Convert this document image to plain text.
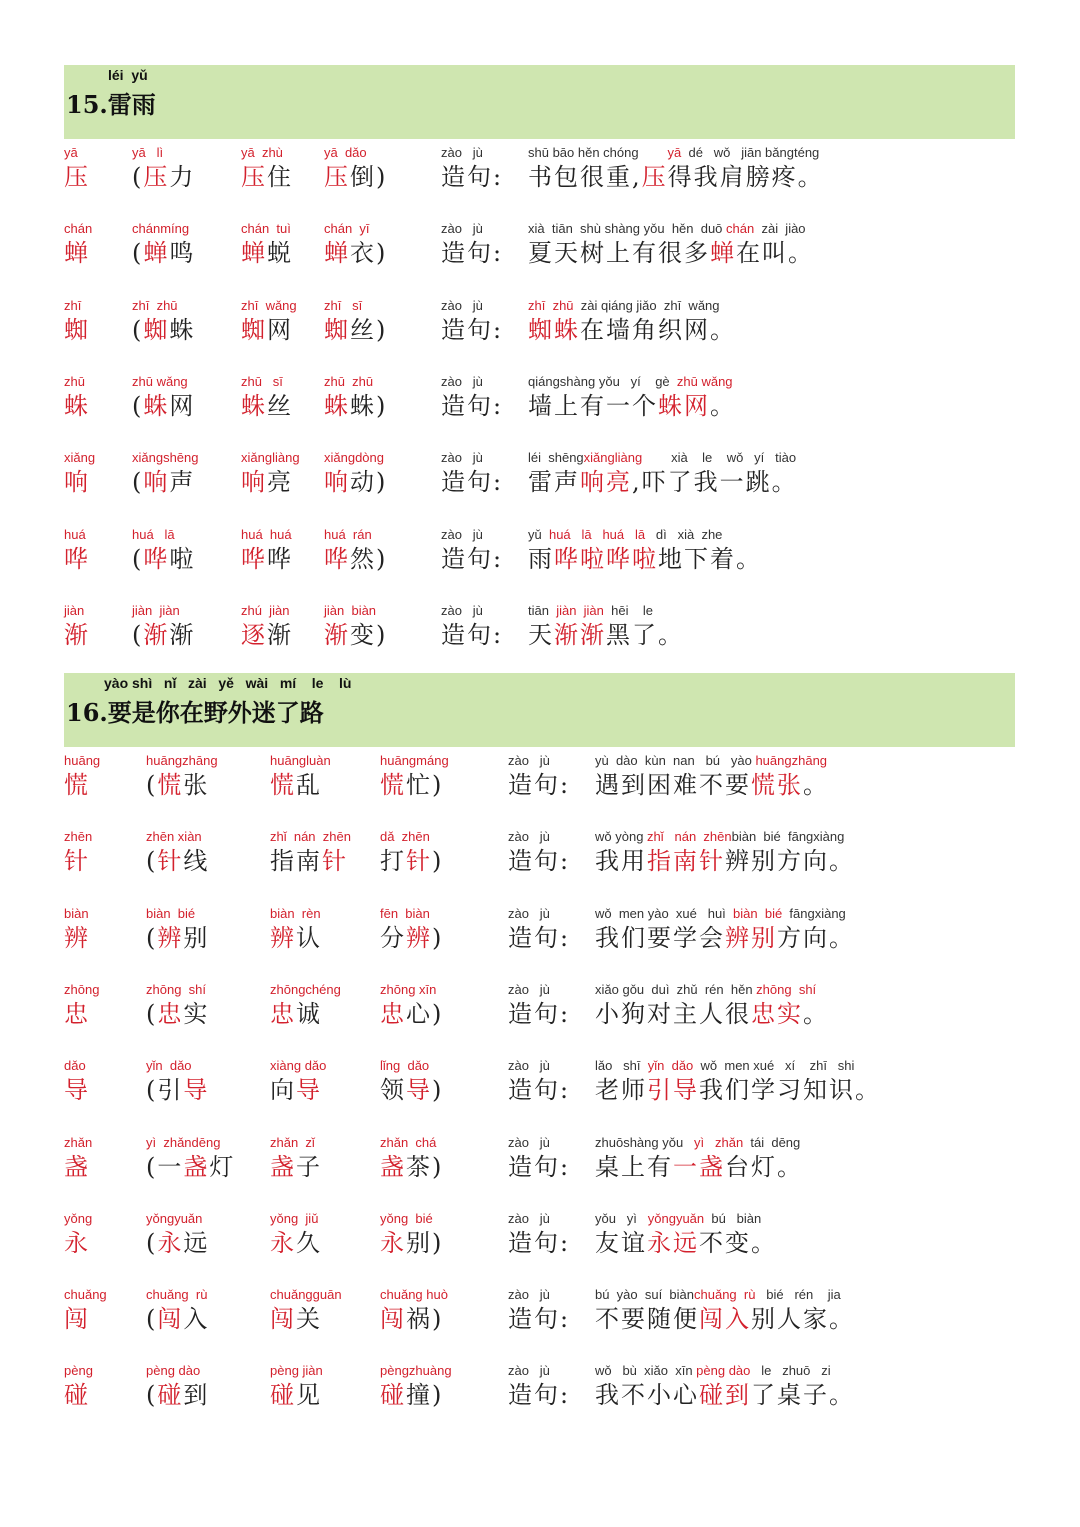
léi  yǔ
15.雷雨
yā
压
yā   lì
(压力
yā  zhù
压住
yā  dǎo
压倒)
zào   jù
造句:
shū bāo hěn chóng        yā  dé   wǒ   jiān bǎngténg
书包很重,压得我肩膀疼。
chán
蝉
chánmíng
(蝉鸣
chán  tuì
蝉蜕
chán  yī
蝉衣)
zào   jù
造句:
xià  tiān  shù shàng yǒu  hěn  duō chán  zài  jiào
夏天树上有很多蝉在叫。
zhī
蜘
zhī  zhū
(蜘蛛
zhī  wǎng
蜘网
zhī   sī
蜘丝)
zào   jù
造句:
zhī  zhū  zài qiáng jiǎo  zhī  wǎng
蜘蛛在墙角织网。
zhū
蛛
zhū wǎng
(蛛网
zhū   sī
蛛丝
zhū  zhū
蛛蛛)
zào   jù
造句:
qiángshàng yǒu   yí    gè  zhū wǎng
墙上有一个蛛网。
xiǎng
响
xiǎngshēng
(响声
xiǎngliàng
响亮
xiǎngdòng
响动)
zào   jù
造句:
léi  shēngxiǎngliàng        xià    le    wǒ   yí   tiào
雷声响亮,吓了我一跳。
huá
哗
huá   lā
(哗啦
huá  huá
哗哗
huá  rán
哗然)
zào   jù
造句:
yǔ  huá   lā   huá   lā   dì   xià  zhe
雨哗啦哗啦地下着。
jiàn
渐
jiàn  jiàn
(渐渐
zhú  jiàn
逐渐
jiàn  biàn
渐变)
zào   jù
造句:
tiān  jiàn  jiàn  hēi    le
天渐渐黑了。
yào shì   nǐ   zài   yě   wài   mí    le    lù
16.要是你在野外迷了路
huāng
慌
huāngzhāng
(慌张
huāngluàn
慌乱
huāngmáng
慌忙)
zào   jù
造句:
yù  dào  kùn  nan   bú   yào huāngzhāng
遇到困难不要慌张。
zhēn
针
zhēn xiàn
(针线
zhǐ  nán  zhēn
指南针
dǎ  zhēn
打针)
zào   jù
造句:
wǒ yòng zhǐ   nán  zhēnbiàn  bié  fāngxiàng
我用指南针辨别方向。
biàn
辨
biàn  bié
(辨别
biàn  rèn
辨认
fēn  biàn
分辨)
zào   jù
造句:
wǒ  men yào  xué   huì  biàn  bié  fāngxiàng
我们要学会辨别方向。
zhōng
忠
zhōng  shí
(忠实
zhōngchéng
忠诚
zhōng xīn
忠心)
zào   jù
造句:
xiǎo gǒu  duì  zhǔ  rén  hěn zhōng  shí
小狗对主人很忠实。
dǎo
导
yǐn  dǎo
(引导
xiàng dǎo
向导
lǐng  dǎo
领导)
zào   jù
造句:
lǎo   shī  yǐn  dǎo  wǒ  men xué   xí    zhī   shi
老师引导我们学习知识。
zhǎn
盏
yì  zhǎndēng
(一盏灯
zhǎn  zǐ
盏子
zhǎn  chá
盏茶)
zào   jù
造句:
zhuōshàng yǒu   yì   zhǎn  tái  dēng
桌上有一盏台灯。
yǒng
永
yǒngyuǎn
(永远
yǒng  jiǔ
永久
yǒng  bié
永别)
zào   jù
造句:
yǒu   yì   yǒngyuǎn  bú   biàn
友谊永远不变。
chuǎng
闯
chuǎng  rù
(闯入
chuǎngguān
闯关
chuǎng huò
闯祸)
zào   jù
造句:
bú  yào  suí  biànchuǎng  rù   bié   rén    jia
不要随便闯入别人家。
pèng
碰
pèng dào
(碰到
pèng jiàn
碰见
pèngzhuàng
碰撞)
zào   jù
造句:
wǒ   bù  xiǎo  xīn pèng dào   le   zhuō   zi
我不小心碰到了桌子。
